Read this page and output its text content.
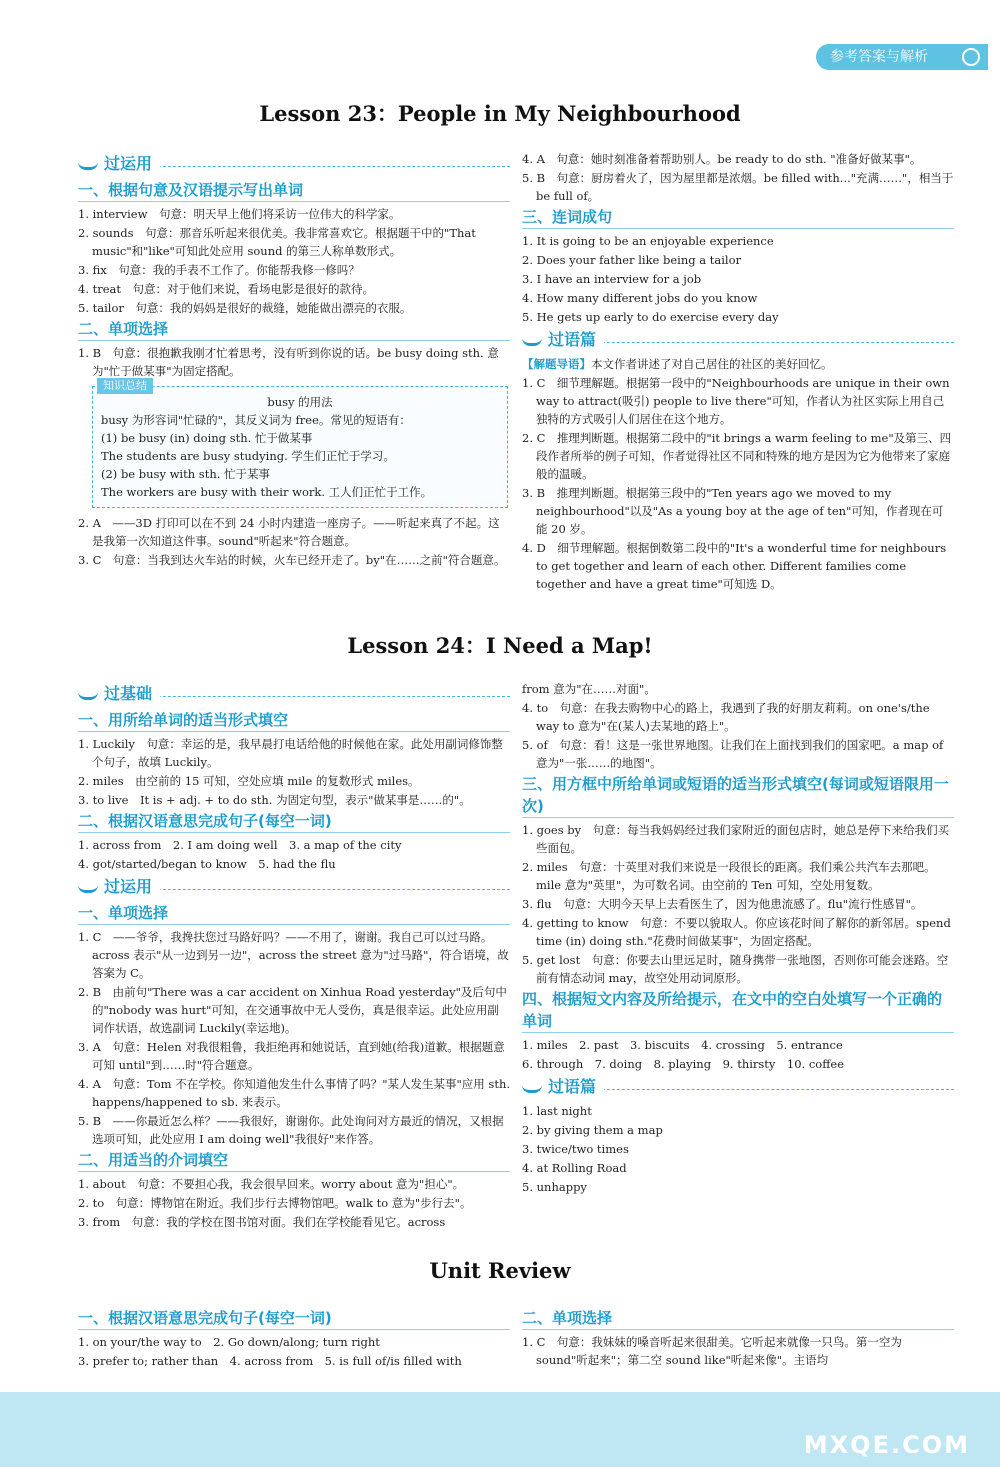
参考答案与解析
Lesson 23：People in My Neighbourhood
过运用
一、根据句意及汉语提示写出单词
1. interview　句意：明天早上他们将采访一位伟大的科学家。
2. sounds　句意：那音乐听起来很优美。我非常喜欢它。根据题干中的"That music"和"like"可知此处应用 sound 的第三人称单数形式。
3. fix　句意：我的手表不工作了。你能帮我修一修吗？
4. treat　句意：对于他们来说，看场电影是很好的款待。
5. tailor　句意：我的妈妈是很好的裁缝，她能做出漂亮的衣服。
二、单项选择
1. B　句意：很抱歉我刚才忙着思考，没有听到你说的话。be busy doing sth. 意为"忙于做某事"为固定搭配。
知识总结
busy 的用法
busy 为形容词"忙碌的"，其反义词为 free。常见的短语有：
(1) be busy (in) doing sth. 忙于做某事
The students are busy studying. 学生们正忙于学习。
(2) be busy with sth. 忙于某事
The workers are busy with their work. 工人们正忙于工作。
2. A　——3D 打印可以在不到 24 小时内建造一座房子。——听起来真了不起。这是我第一次知道这件事。sound"听起来"符合题意。
3. C　句意：当我到达火车站的时候，火车已经开走了。by"在……之前"符合题意。
4. A　句意：她时刻准备着帮助别人。be ready to do sth. "准备好做某事"。
5. B　句意：厨房着火了，因为屋里都是浓烟。be filled with..."充满……"，相当于 be full of。
三、连词成句
1. It is going to be an enjoyable experience
2. Does your father like being a tailor
3. I have an interview for a job
4. How many different jobs do you know
5. He gets up early to do exercise every day
过语篇
【解题导语】本文作者讲述了对自己居住的社区的美好回忆。
1. C　细节理解题。根据第一段中的"Neighbourhoods are unique in their own way to attract(吸引) people to live there"可知，作者认为社区实际上用自己独特的方式吸引人们居住在这个地方。
2. C　推理判断题。根据第二段中的"it brings a warm feeling to me"及第三、四段作者所举的例子可知，作者觉得社区不同和特殊的地方是因为它为他带来了家庭般的温暖。
3. B　推理判断题。根据第三段中的"Ten years ago we moved to my neighbourhood"以及"As a young boy at the age of ten"可知，作者现在可能 20 岁。
4. D　细节理解题。根据倒数第二段中的"It's a wonderful time for neighbours to get together and learn of each other. Different families come together and have a great time"可知选 D。
Lesson 24：I Need a Map!
过基础
一、用所给单词的适当形式填空
1. Luckily　句意：幸运的是，我早晨打电话给他的时候他在家。此处用副词修饰整个句子，故填 Luckily。
2. miles　由空前的 15 可知，空处应填 mile 的复数形式 miles。
3. to live　It is + adj. + to do sth. 为固定句型，表示"做某事是……的"。
二、根据汉语意思完成句子(每空一词)
1. across from　2. I am doing well　3. a map of the city
4. got/started/began to know　5. had the flu
过运用
一、单项选择
1. C　——爷爷，我搀扶您过马路好吗？——不用了，谢谢。我自己可以过马路。across 表示"从一边到另一边"，across the street 意为"过马路"，符合语境，故答案为 C。
2. B　由前句"There was a car accident on Xinhua Road yesterday"及后句中的"nobody was hurt"可知，在交通事故中无人受伤，真是很幸运。此处应用副词作状语，故选副词 Luckily(幸运地)。
3. A　句意：Helen 对我很粗鲁，我拒绝再和她说话，直到她(给我)道歉。根据题意可知 until"到……时"符合题意。
4. A　句意：Tom 不在学校。你知道他发生什么事情了吗？"某人发生某事"应用 sth. happens/happened to sb. 来表示。
5. B　——你最近怎么样？——我很好，谢谢你。此处询问对方最近的情况，又根据选项可知，此处应用 I am doing well"我很好"来作答。
二、用适当的介词填空
1. about　句意：不要担心我，我会很早回来。worry about 意为"担心"。
2. to　句意：博物馆在附近。我们步行去博物馆吧。walk to 意为"步行去"。
3. from　句意：我的学校在图书馆对面。我们在学校能看见它。across
from 意为"在……对面"。
4. to　句意：在我去购物中心的路上，我遇到了我的好朋友莉莉。on one's/the way to 意为"在(某人)去某地的路上"。
5. of　句意：看！这是一张世界地图。让我们在上面找到我们的国家吧。a map of 意为"一张……的地图"。
三、用方框中所给单词或短语的适当形式填空(每词或短语限用一次)
1. goes by　句意：每当我妈妈经过我们家附近的面包店时，她总是停下来给我们买些面包。
2. miles　句意：十英里对我们来说是一段很长的距离。我们乘公共汽车去那吧。mile 意为"英里"，为可数名词。由空前的 Ten 可知，空处用复数。
3. flu　句意：大明今天早上去看医生了，因为他患流感了。flu"流行性感冒"。
4. getting to know　句意：不要以貌取人。你应该花时间了解你的新邻居。spend time (in) doing sth."花费时间做某事"，为固定搭配。
5. get lost　句意：你要去山里远足时，随身携带一张地图，否则你可能会迷路。空前有情态动词 may，故空处用动词原形。
四、根据短文内容及所给提示，在文中的空白处填写一个正确的单词
1. miles　2. past　3. biscuits　4. crossing　5. entrance
6. through　7. doing　8. playing　9. thirsty　10. coffee
过语篇
1. last night
2. by giving them a map
3. twice/two times
4. at Rolling Road
5. unhappy
Unit Review
一、根据汉语意思完成句子(每空一词)
1. on your/the way to　2. Go down/along; turn right
3. prefer to; rather than　4. across from　5. is full of/is filled with
二、单项选择
1. C　句意：我妹妹的嗓音听起来很甜美。它听起来就像一只鸟。第一空为 sound"听起来"；第二空 sound like"听起来像"。主语均
MXQE.COM
